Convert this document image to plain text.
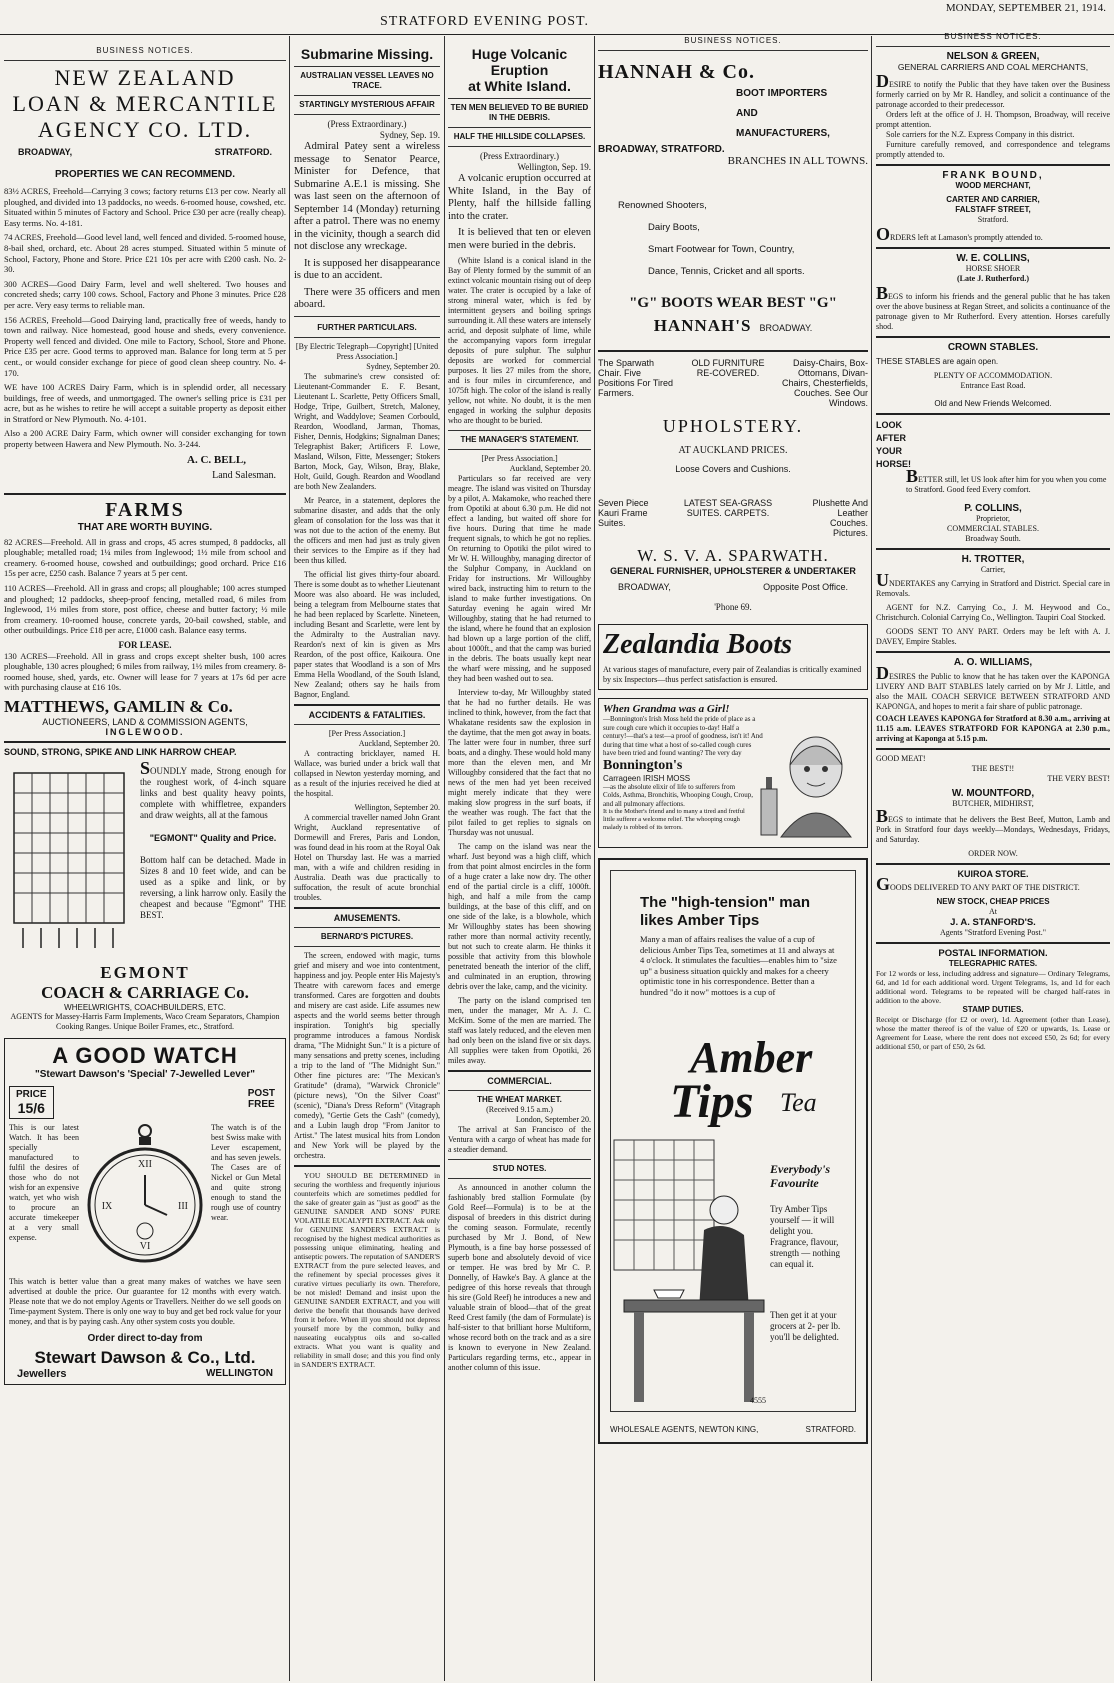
STRATFORD EVENING POST.
MONDAY, SEPTEMBER 21, 1914.
BUSINESS NOTICES.
NEW ZEALAND
LOAN & MERCANTILE
AGENCY CO. LTD.
BROADWAY,	STRATFORD.
PROPERTIES WE CAN RECOMMEND.
83½ ACRES, Freehold—Carrying 3 cows; factory returns £13 per cow. Nearly all ploughed, and divided into 13 paddocks, no weeds. 6-roomed house, cowshed, etc. Situated within 5 minutes of Factory and School. Price £30 per acre (really cheap). Easy terms. No. 4-181.
74 ACRES, Freehold—Good level land, well fenced and divided. 5-roomed house, 8-bail shed, orchard, etc. About 28 acres stumped. Situated within 5 minute of School, Factory, Phone and Store. Price £21 10s per acre with £200 cash. No. 2-30.
300 ACRES—Good Dairy Farm, level and well sheltered. Two houses and concreted sheds; carry 100 cows. School, Factory and Phone 3 minutes. Price £28 per acre. Very easy terms to reliable man.
156 ACRES, Freehold—Good Dairying land, practically free of weeds, handy to town and railway. Nice homestead, good house and sheds, every convenience. Property well fenced and divided. One mile to Factory, School, Store and Phone. Price £35 per acre. Good terms to approved man. Balance for long term at 5 per cent., or would consider exchange for piece of good clean sheep country. No. 4-170.
WE have 100 ACRES Dairy Farm, which is in splendid order, all necessary buildings, free of weeds, and unmortgaged. The owner's selling price is £31 per acre, but as he wishes to retire he will accept a suitable property as deposit either in Stratford or New Plymouth. No. 4-101.
Also a 200 ACRE Dairy Farm, which owner will consider exchanging for town property between Hawera and New Plymouth. No. 3-244.
A. C. BELL,
Land Salesman.
FARMS
THAT ARE WORTH BUYING.
82 ACRES—Freehold. All in grass and crops, 45 acres stumped, 8 paddocks, all ploughable; metalled road; 1¼ miles from Inglewood; 1½ mile from school and creamery. 6-roomed house, cowshed and outbuildings; good orchard. Price £16 15s per acre, £250 cash. Balance 7 years at 5 per cent.
110 ACRES—Freehold. All in grass and crops; all ploughable; 100 acres stumped and ploughed; 12 paddocks, sheep-proof fencing, metalled road, 6 miles from Inglewood, 1½ miles from store, post office, cheese and butter factory; ½ mile from creamery. 10-roomed house, concrete yards, 20-bail cowshed, stable, and other outbuildings. Price £18 per acre, £1000 cash. Balance easy terms.
FOR LEASE.
130 ACRES—Freehold. All in grass and crops except shelter bush, 100 acres ploughable, 130 acres ploughed; 6 miles from railway, 1½ miles from creamery. 8-roomed house, shed, yards, etc. Owner will lease for 7 years at 17s 6d per acre with purchasing clause at £16 10s.
MATTHEWS, GAMLIN & Co.
AUCTIONEERS, LAND & COMMISSION AGENTS,
INGLEWOOD.
SOUND, STRONG, SPIKE AND LINK HARROW CHEAP.
SOUNDLY made, Strong enough for the roughest work, of 4-inch square links and best quality heavy points, complete with whiffletree, expanders and draw weights, all at the famous
"EGMONT" Quality and Price.
Bottom half can be detached. Made in Sizes 8 and 10 feet wide, and can be used as a spike and link, or by reversing, a link harrow only. Easily the cheapest and because "Egmont" THE BEST.
EGMONT
COACH & CARRIAGE Co.
WHEELWRIGHTS, COACHBUILDERS, ETC.
AGENTS for Massey-Harris Farm Implements, Waco Cream Separators, Champion Cooking Ranges. Unique Boiler Frames, etc., Stratford.
A GOOD WATCH
"Stewart Dawson's 'Special' 7-Jewelled Lever"
PRICE
15/6
POST
FREE
This is our latest Watch. It has been specially manufactured to fulfil the desires of those who do not wish for an expensive watch, yet who wish to procure an accurate timekeeper at a very small expense.
XII
III
VI
IX
The watch is of the best Swiss make with Lever escapement, and has seven jewels. The Cases are of Nickel or Gun Metal and quite strong enough to stand the rough use of country wear.
This watch is better value than a great many makes of watches we have seen advertised at double the price. Our guarantee for 12 months with every watch. Please note that we do not employ Agents or Travellers. Neither do we sell goods on Time-payment System. There is only one way to buy and get bed rock value for your money, and that is by paying cash. Any other system costs you double.
Order direct to-day from
Stewart Dawson & Co., Ltd.
Jewellers	WELLINGTON
Submarine Missing.
AUSTRALIAN VESSEL LEAVES NO TRACE.
STARTINGLY MYSTERIOUS AFFAIR
(Press Extraordinary.)
Sydney, Sep. 19.
Admiral Patey sent a wireless message to Senator Pearce, Minister for Defence, that Submarine A.E.1 is missing. She was last seen on the afternoon of September 14 (Monday) returning after a patrol. There was no enemy in the vicinity, though a search did not disclose any wreckage.
It is supposed her disappearance is due to an accident.
There were 35 officers and men aboard.
FURTHER PARTICULARS.
[By Electric Telegraph—Copyright] [United Press Association.]
Sydney, September 20.
The submarine's crew consisted of: Lieutenant-Commander E. F. Besant, Lieutenant L. Scarlette, Petty Officers Small, Hodge, Tripe, Guilbert, Stretch, Maloney, Wright, and Waddylove; Seamen Corbould, Reardon, Woodland, Jarman, Thomas, Fisher, Dennis, Hodgkins; Signalman Danes; Telegraphist Baker; Artificers F. Lowe, Masland, Wilson, Fitte, Messenger; Stokers Barton, Mock, Gay, Wilson, Bray, Blake, Holt, Guild, Gough. Reardon and Woodland are both New Zealanders.
Mr Pearce, in a statement, deplores the submarine disaster, and adds that the only gleam of consolation for the loss was that it was not due to the action of the enemy. But the officers and men had just as truly given their services to the Empire as if they had been thus killed.
The official list gives thirty-four aboard. There is some doubt as to whether Lieutenant Moore was also aboard. He was included, being a telegram from Melbourne states that he had been replaced by Scarlette. Nineteen, including Besant and Scarlette, were lent by the Admiralty to the Australian navy. Reardon's next of kin is given as Mrs Reardon, of the post office, Kaikoura. One paper states that Woodland is a son of Mrs Emma Hella Woodland, of the South Island, New Zealand; others say he hails from Bagnor, England.
ACCIDENTS & FATALITIES.
[Per Press Association.]
Auckland, September 20.
A contracting bricklayer, named H. Wallace, was buried under a brick wall that collapsed in Newton yesterday morning, and as a result of the injuries received he died at the hospital.
Wellington, September 20.
A commercial traveller named John Grant Wright, Auckland representative of Dormewill and Freres, Paris and London, was found dead in his room at the Royal Oak Hotel on Thursday last. He was a married man, with a wife and children residing in Australia. Death was due practically to suffocation, the result of acute bronchial troubles.
AMUSEMENTS.
BERNARD'S PICTURES.
The screen, endowed with magic, turns grief and misery and woe into contentment, happiness and joy. People enter His Majesty's Theatre with careworn faces and emerge transformed. Cares are forgotten and doubts and misery are cast aside. Life assumes new aspects and the world seems better through inspiration. Tonight's big specially programme introduces a famous Nordisk drama, "The Midnight Sun." It is a picture of many sensations and pretty scenes, including a trip to the land of "The Midnight Sun." Other fine pictures are: "The Mexican's Gratitude" (drama), "Warwick Chronicle" (picture news), "On the Silver Coast" (scenic), "Diana's Dress Reform" (Vitagraph comedy), "Gertie Gets the Cash" (comedy), and a Lubin laugh drop "From Janitor to Artist." The latest musical hits from London and New York will be played by the orchestra.
YOU SHOULD BE DETERMINED in securing the worthless and frequently injurious counterfeits which are sometimes peddled for the sake of greater gain as "just as good" as the GENUINE SANDER AND SONS' PURE VOLATILE EUCALYPTI EXTRACT. Ask only for GENUINE SANDER'S EXTRACT is recognised by the highest medical authorities as possessing unique eliminating, healing and antiseptic powers. The reputation of SANDER'S EXTRACT from the pure selected leaves, and the refinement by special processes gives it curative virtues peculiarly its own. Therefore, be not misled! Demand and insist upon the GENUINE SANDER EXTRACT, and you will derive the benefit that thousands have derived from it before. When ill you should not depress yourself more by the common, bulky and nauseating eucalyptus oils and so-called extracts. What you want is quality and reliability in small dose; and this you find only in SANDER'S EXTRACT.
Huge Volcanic Eruption
at White Island.
TEN MEN BELIEVED TO BE BURIED IN THE DEBRIS.
HALF THE HILLSIDE COLLAPSES.
(Press Extraordinary.)
Wellington, Sep. 19.
A volcanic eruption occurred at White Island, in the Bay of Plenty, half the hillside falling into the crater.
It is believed that ten or eleven men were buried in the debris.
(White Island is a conical island in the Bay of Plenty formed by the summit of an extinct volcanic mountain rising out of deep water. The crater is occupied by a lake of strong mineral water, which is fed by intermittent geysers and boiling springs surrounding it. All these waters are intensely acrid, and deposit sulphate of lime, while the accompanying vapors form irregular deposits of pure sulphur. The sulphur deposits are worked for commercial purposes. It lies 27 miles from the shore, and is four miles in circumference, and 1075ft high. The color of the island is really yellow, not white. No doubt, it is the men engaged in working the sulphur deposits who are thought to be buried.
THE MANAGER'S STATEMENT.
[Per Press Association.]
Auckland, September 20.
Particulars so far received are very meagre. The island was visited on Thursday by a pilot, A. Makamoke, who reached there from Opotiki at about 6.30 p.m. He did not effect a landing, but waited off shore for five hours. During that time he made frequent signals, to which he got no replies. On returning to Opotiki the pilot wired to Mr W. H. Willoughby, managing director of the Sulphur Company, in Auckland on Friday for instructions. Mr Willoughby wired back, instructing him to return to the island to make further investigations. On Saturday evening he again wired Mr Willoughby, stating that he had returned to the island, where he found that an explosion had blown up a large portion of the cliff, about 1000ft., and that the camp was buried in the debris. The boats usually kept near the wharf were missing, and he supposed they had been washed out to sea.
Interview to-day, Mr Willoughby stated that he had no further details. He was inclined to think, however, from the fact that Whakatane residents saw the explosion in the daytime, that the men got away in boats. The latter were four in number, three surf boats, and a dinghy. These would hold many more than the eleven men, and Mr Willoughby considered that the fact that no news of the men had yet been received might merely indicate that they were making slow progress in the surf boats, if the weather was rough. The fact that the pilot failed to get replies to signals on Thursday was not unusual.
The camp on the island was near the wharf. Just beyond was a high cliff, which from that point almost encircles in the form of a huge crater a lake now dry. The other end of the partial circle is a cliff, 1000ft. high, and half a mile from the camp buildings, at the base of this cliff, and on one side of the lake, is a blowhole, which Mr Willoughby states has been showing rather more than normal activity recently, but not such to create alarm. He thinks it possible that activity from this blowhole penetrated beneath the interior of the cliff, and culminated in an eruption, throwing debris over the lake, camp, and the vicinity.
The party on the island comprised ten men, under the manager, Mr A. J. C. McKim. Some of the men are married. The staff was lately reduced, and the eleven men had only been on the island five or six days. All supplies were taken from Opotiki, 26 miles away.
COMMERCIAL.
THE WHEAT MARKET.
(Received 9.15 a.m.)
London, September 20.
The arrival at San Francisco of the Ventura with a cargo of wheat has made for a steadier demand.
STUD NOTES.
As announced in another column the fashionably bred stallion Formulate (by Gold Reef—Formula) is to be at the disposal of breeders in this district during the coming season. Formulate, recently purchased by Mr J. Bond, of New Plymouth, is a fine bay horse possessed of superb bone and absolutely devoid of vice or temper. He was bred by Mr C. P. Donnelly, of Hawke's Bay. A glance at the pedigree of this horse reveals that through his sire (Gold Reef) he introduces a new and valuable strain of blood—that of the great Reed Crest family (the dam of Formulate) is half-sister to that brilliant horse Multiform, whose record both on the track and as a sire is known to everyone in New Zealand. Particulars regarding terms, etc., appear in another column of this issue.
BUSINESS NOTICES.
HANNAH & Co.
BOOT IMPORTERS
AND
MANUFACTURERS,
BROADWAY, STRATFORD.
BRANCHES IN ALL TOWNS.
Renowned Shooters,
Dairy Boots,
Smart Footwear for Town, Country,
Dance, Tennis, Cricket and all sports.
"G" BOOTS WEAR BEST "G"
HANNAH'S BROADWAY.
The Sparwath Chair. Five Positions For Tired Farmers.
OLD FURNITURE RE-COVERED.
Daisy-Chairs, Box-Ottomans, Divan-Chairs, Chesterfields, Couches. See Our Windows.
UPHOLSTERY.
AT AUCKLAND PRICES.
Loose Covers and Cushions.
Seven Piece Kauri Frame Suites.
LATEST SEA-GRASS SUITES. CARPETS.
Plushette And Leather Couches. Pictures.
W. S. V. A. SPARWATH.
GENERAL FURNISHER, UPHOLSTERER & UNDERTAKER
BROADWAY,	Opposite Post Office.
'Phone 69.
Zealandia Boots
At various stages of manufacture, every pair of Zealandias is critically examined by six Inspectors—thus perfect satisfaction is ensured.
When Grandma was a Girl!
—Bonnington's Irish Moss held the pride of place as a sure cough cure which it occupies to-day! Half a century!—that's a test—a proof of goodness, isn't it! And during that time what a host of so-called cough cures have been tried and found wanting? The very day
Bonnington's
Carrageen IRISH MOSS
—as the absolute elixir of life to sufferers from Colds, Asthma, Bronchitis, Whooping Cough, Croup, and all pulmonary affections.
It is the Mother's friend and to many a tired and fretful little sufferer a welcome relief. The whooping cough malady is robbed of its terrors.
The "high-tension" man
likes Amber Tips
Many a man of affairs realises the value of a cup of delicious Amber Tips Tea, sometimes at 11 and always at 4 o'clock. It stimulates the faculties—enables him to "size up" a business situation quickly and makes for a cheery optimistic tone in his correspondence. Better than a hundred "do it now" mottoes is a cup of
Amber
Tips Tea
Everybody's
Favourite
Try Amber Tips yourself — it will delight you. Fragrance, flavour, strength — nothing can equal it.
Then get it at your grocers at 2- per lb. you'll be delighted.
4555
WHOLESALE AGENTS, NEWTON KING,	STRATFORD.
BUSINESS NOTICES.
NELSON & GREEN,
GENERAL CARRIERS AND COAL MERCHANTS,
DESIRE to notify the Public that they have taken over the Business formerly carried on by Mr R. Handley, and solicit a continuance of the patronage accorded to their predecessor.
Orders left at the office of J. H. Thompson, Broadway, will receive prompt attention.
Sole carriers for the N.Z. Express Company in this district.
Furniture carefully removed, and correspondence and telegrams promptly attended to.
FRANK BOUND,
WOOD MERCHANT,
CARTER AND CARRIER,
FALSTAFF STREET,
Stratford.
ORDERS left at Lamason's promptly attended to.
W. E. COLLINS,
HORSE SHOER
(Late J. Rutherford.)
BEGS to inform his friends and the general public that he has taken over the above business at Regan Street, and solicits a continuance of the patronage given to Mr Rutherford. Every attention. Horses carefully shod.
CROWN STABLES.
THESE STABLES are again open.
PLENTY OF ACCOMMODATION.
Entrance East Road.
Old and New Friends Welcomed.
LOOK
AFTER
YOUR
HORSE!
BETTER still, let US look after him for you when you come to Stratford. Good feed Every comfort.
P. COLLINS,
Proprietor,
COMMERCIAL STABLES.
Broadway South.
H. TROTTER,
Carrier,
UNDERTAKES any Carrying in Stratford and District. Special care in Removals.
AGENT for N.Z. Carrying Co., J. M. Heywood and Co., Christchurch. Colonial Carrying Co., Wellington. Taupiri Coal Stocked.
GOODS SENT TO ANY PART. Orders may be left with A. J. DAVEY, Empire Stables.
A. O. WILLIAMS,
DESIRES the Public to know that he has taken over the KAPONGA LIVERY AND BAIT STABLES lately carried on by Mr J. Little, and also the MAIL COACH SERVICE BETWEEN STRATFORD AND KAPONGA, and hopes to merit a fair share of public patronage.
COACH LEAVES KAPONGA for Stratford at 8.30 a.m., arriving at 11.15 a.m. LEAVES STRATFORD FOR KAPONGA at 2.30 p.m., arriving at Kaponga at 5.15 p.m.
GOOD MEAT!
THE BEST!!
THE VERY BEST!
W. MOUNTFORD,
BUTCHER, MIDHIRST,
BEGS to intimate that he delivers the Best Beef, Mutton, Lamb and Pork in Stratford four days weekly—Mondays, Wednesdays, Fridays, and Saturday.
ORDER NOW.
KUIROA STORE.
GOODS DELIVERED TO ANY PART OF THE DISTRICT.
NEW STOCK, CHEAP PRICES
At
J. A. STANFORD'S.
Agents "Stratford Evening Post."
POSTAL INFORMATION.
TELEGRAPHIC RATES.
For 12 words or less, including address and signature— Ordinary Telegrams, 6d, and 1d for each additional word. Urgent Telegrams, 1s, and 1d for each additional word. Telegrams to be repeated will be charged half-rates in addition to the above.
STAMP DUTIES.
Receipt or Discharge (for £2 or over), 1d. Agreement (other than Lease), whose the matter thereof is of the value of £20 or upwards, 1s. Lease or Agreement for Lease, where the rent does not exceed £50, 2s 6d; for every additional £50, or part of £50, 2s 6d.
